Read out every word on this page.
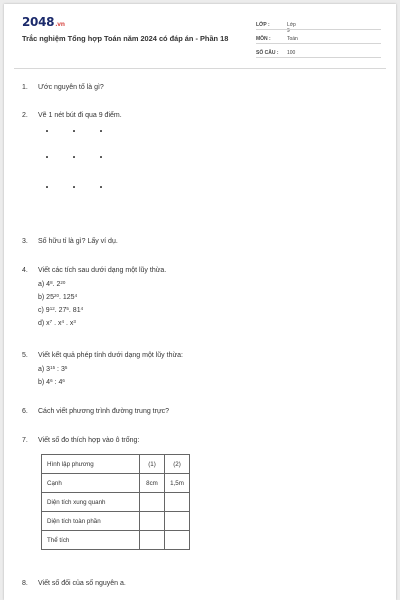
2048.vn
Trắc nghiệm Tổng hợp Toán năm 2024 có đáp án - Phần 18
LỚP :	Lớp 9
MÔN :	Toán
SỐ CÂU :	100
1. Ước nguyên tố là gì?
2. Vẽ 1 nét bút đi qua 9 điểm.
3. Số hữu tỉ là gì? Lấy ví dụ.
4. Viết các tích sau dưới dạng một lũy thừa.
a) $4^8$. $2^{20}$
b) $25^{20}$. $125^4$
c) $9^{12}$. $27^5$. $81^4$
d) $x^7$ . $x^4$ . $x^3$
5. Viết kết quả phép tính dưới dạng một lũy thừa:
a) $3^{15}$ : $3^5$
b) $4^6$ : $4^6$
6. Cách viết phương trình đường trung trực?
7. Viết số đo thích hợp vào ô trống:
Hình lập phương	(1)	(2)
Cạnh	8cm	1,5m
Diện tích xung quanh		
Diện tích toàn phần		
Thể tích		
8. Viết số đối của số nguyên a.
